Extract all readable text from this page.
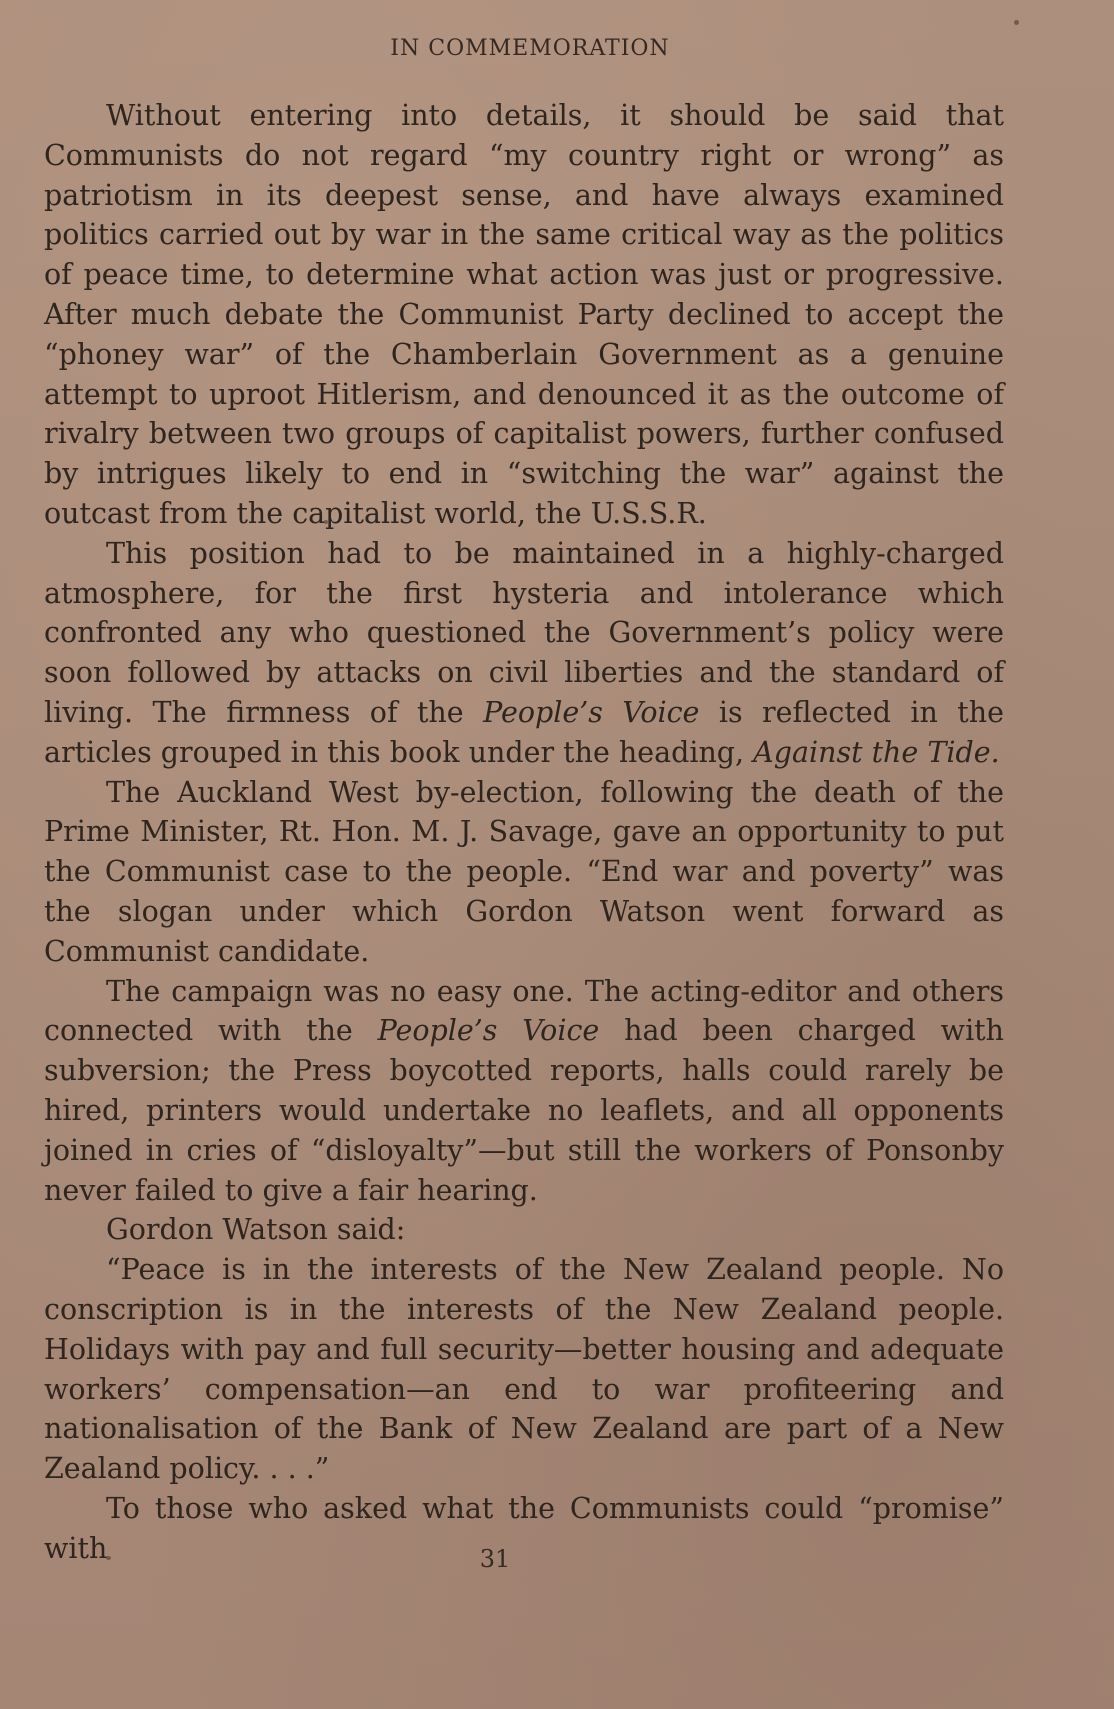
IN COMMEMORATION

Without entering into details, it should be said that Communists do not regard “my country right or wrong” as patriotism in its deepest sense, and have always examined politics carried out by war in the same critical way as the politics of peace time, to determine what action was just or progressive. After much debate the Communist Party declined to accept the “phoney war” of the Chamberlain Government as a genuine attempt to uproot Hitlerism, and denounced it as the outcome of rivalry between two groups of capitalist powers, further confused by intrigues likely to end in “switching the war” against the outcast from the capitalist world, the U.S.S.R.

This position had to be maintained in a highly-charged atmosphere, for the first hysteria and intolerance which confronted any who questioned the Government’s policy were soon followed by attacks on civil liberties and the standard of living. The firmness of the People’s Voice is reflected in the articles grouped in this book under the heading, Against the Tide.

The Auckland West by-election, following the death of the Prime Minister, Rt. Hon. M. J. Savage, gave an opportunity to put the Communist case to the people. “End war and poverty” was the slogan under which Gordon Watson went forward as Communist candidate.

The campaign was no easy one. The acting-editor and others connected with the People’s Voice had been charged with subversion; the Press boycotted reports, halls could rarely be hired, printers would undertake no leaflets, and all opponents joined in cries of “disloyalty”—but still the workers of Ponsonby never failed to give a fair hearing.

Gordon Watson said:

“Peace is in the interests of the New Zealand people. No conscription is in the interests of the New Zealand people. Holidays with pay and full security—better housing and adequate workers’ compensation—an end to war profiteering and nationalisation of the Bank of New Zealand are part of a New Zealand policy. . . .”

To those who asked what the Communists could “promise” with	31
